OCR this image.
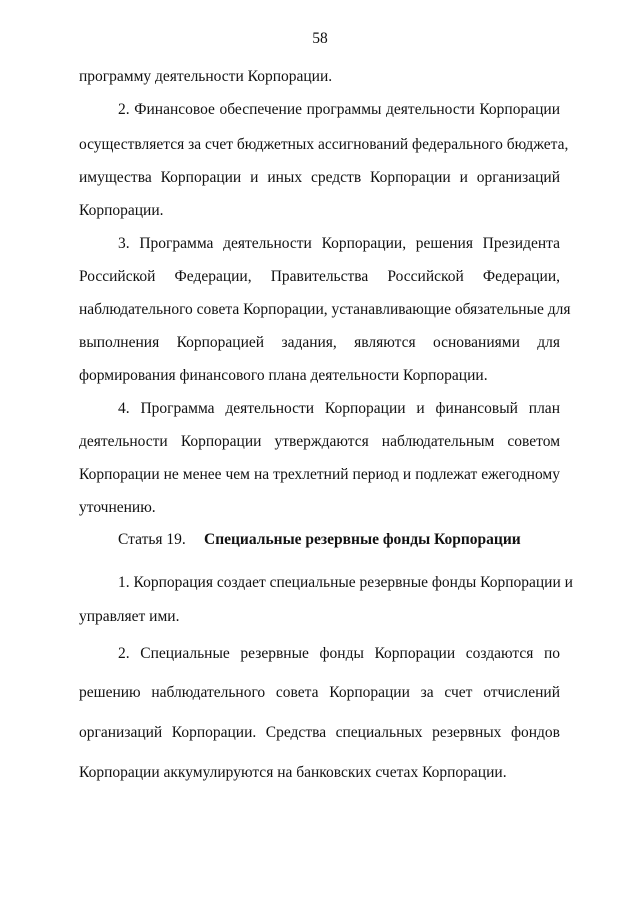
58
программу деятельности Корпорации.
2. Финансовое обеспечение программы деятельности Корпорации
осуществляется за счет бюджетных ассигнований федерального бюджета,
имущества Корпорации и иных средств Корпорации и организаций
Корпорации.
3. Программа деятельности Корпорации, решения Президента
Российской Федерации, Правительства Российской Федерации,
наблюдательного совета Корпорации, устанавливающие обязательные для
выполнения Корпорацией задания, являются основаниями для
формирования финансового плана деятельности Корпорации.
4. Программа деятельности Корпорации и финансовый план
деятельности Корпорации утверждаются наблюдательным советом
Корпорации не менее чем на трехлетний период и подлежат ежегодному
уточнению.
Статья 19. Специальные резервные фонды Корпорации
1. Корпорация создает специальные резервные фонды Корпорации и
управляет ими.
2. Специальные резервные фонды Корпорации создаются по
решению наблюдательного совета Корпорации за счет отчислений
организаций Корпорации. Средства специальных резервных фондов
Корпорации аккумулируются на банковских счетах Корпорации.
